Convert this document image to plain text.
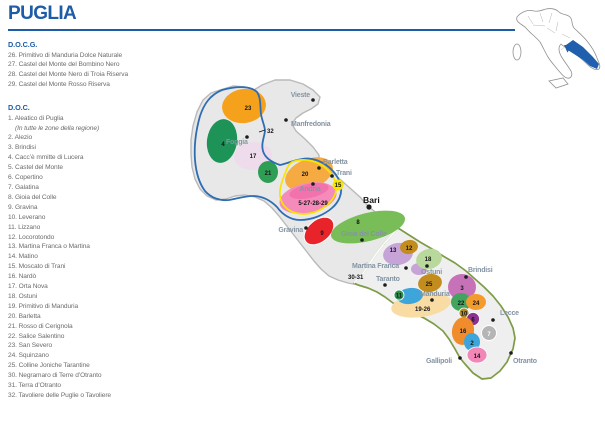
PUGLIA
D.O.C.G.
26. Primitivo di Manduria Dolce Naturale
27. Castel del Monte del Bombino Nero
28. Castel del Monte Nero di Troia Riserva
29. Castel del Monte Rosso Riserva
D.O.C.
1. Aleatico di Puglia
(In tutte le zone della regione)
2. Alezio
3. Brindisi
4. Cacc’è mmitte di Lucera
5. Castel del Monte
6. Copertino
7. Galatina
8. Gioia del Colle
9. Gravina
10. Leverano
11. Lizzano
12. Locorotondo
13. Martina Franca o Martina
14. Matino
15. Moscato di Trani
16. Nardò
17. Orta Nova
18. Ostuni
19. Primitivo di Manduria
20. Barletta
21. Rosso di Cerignola
22. Salice Salentino
23. San Severo
24. Squinzano
25. Colline Joniche Tarantine
30. Negramaro di Terre d’Otranto
31. Terra d’Otranto
32. Tavoliere delle Puglie o Tavoliere
23
4
17
21	20
5-27-28-29
15
9
8
13 12
18
25
3
11
22 24
10
6
16	7
2
14
32
30-31
19-26
Vieste
Manfredonia
Foggia
Barletta
Trani
Andria
Bari
Gravina
Gioia del Colle
Martina Franca
Taranto
Ostuni	Brindisi
Manduria
Lecce
Gallipoli	Otranto
